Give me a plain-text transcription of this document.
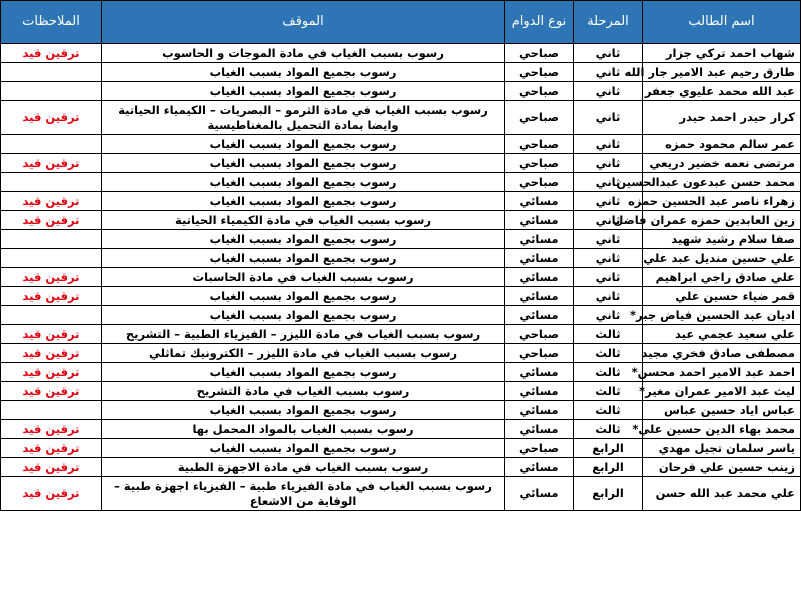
اسم الطالب	المرحلة	نوع الدوام	الموقف	الملاحظات
شهاب احمد تركي جزار	ثاني	صباحي	رسوب بسبب الغياب في مادة الموجات و الحاسوب	ترقين قيد
طارق رحيم عبد الامير جار الله	ثاني	صباحي	رسوب بجميع المواد بسبب الغياب	
عبد الله محمد عليوي جعفر	ثاني	صباحي	رسوب بجميع المواد بسبب الغياب	
كرار حيدر احمد حيدر	ثاني	صباحي	رسوب بسبب الغياب في مادة الثرمو – البصريات – الكيمياء الحياتية وايضا بمادة التحميل بالمغناطيسية	ترقين قيد
عمر سالم محمود حمزه	ثاني	صباحي	رسوب بجميع المواد بسبب الغياب	
مرتضى نعمه خضير دريعي	ثاني	صباحي	رسوب بجميع المواد بسبب الغياب	ترقين قيد
محمد حسن عبدعون عبدالحسين	ثاني	صباحي	رسوب بجميع المواد بسبب الغياب	
زهراء ناصر عبد الحسين حمزه	ثاني	مسائي	رسوب بجميع المواد بسبب الغياب	ترقين قيد
زين العابدين حمزه عمران فاضل	ثاني	مسائي	رسوب بسبب الغياب في مادة الكيمياء الحياتية	ترقين قيد
صفا سلام رشيد شهيد	ثاني	مسائي	رسوب بجميع المواد بسبب الغياب	
علي حسين منديل عبد علي	ثاني	مسائي	رسوب بجميع المواد بسبب الغياب	
علي صادق راجي ابراهيم	ثاني	مسائي	رسوب بسبب الغياب في مادة الحاسبات	ترقين قيد
قمر ضياء حسين علي	ثاني	مسائي	رسوب بجميع المواد بسبب الغياب	ترقين قيد
اديان عبد الحسين فياض جبر*	ثاني	مسائي	رسوب بجميع المواد بسبب الغياب	
علي سعيد عجمي عيد	ثالث	صباحي	رسوب بسبب الغياب في مادة الليزر – الفيزياء الطبية – التشريح	ترقين قيد
مصطفى صادق فخري مجيد	ثالث	صباحي	رسوب بسبب الغياب في مادة الليزر – الكترونيك تماثلي	ترقين قيد
احمد عبد الامير احمد محسن*	ثالث	مسائي	رسوب بجميع المواد بسبب الغياب	ترقين قيد
ليث عبد الامير عمران مغير*	ثالث	مسائي	رسوب بسبب الغياب في مادة التشريح	ترقين قيد
عباس اياد حسين عباس	ثالث	مسائي	رسوب بجميع المواد بسبب الغياب	
محمد بهاء الدين حسين علي*	ثالث	مسائي	رسوب بسبب الغياب بالمواد المحمل بها	ترقين قيد
ياسر سلمان تجيل مهدي	الرابع	صباحي	رسوب بجميع المواد بسبب الغياب	ترقين قيد
زينب حسين علي فرحان	الرابع	مسائي	رسوب بسبب الغياب في مادة الاجهزة الطبية	ترقين قيد
علي محمد عبد الله حسن	الرابع	مسائي	رسوب بسبب الغياب في مادة الفيزياء طبية – الفيزياء اجهزة طبية – الوقاية من الاشعاع	ترقين قيد
